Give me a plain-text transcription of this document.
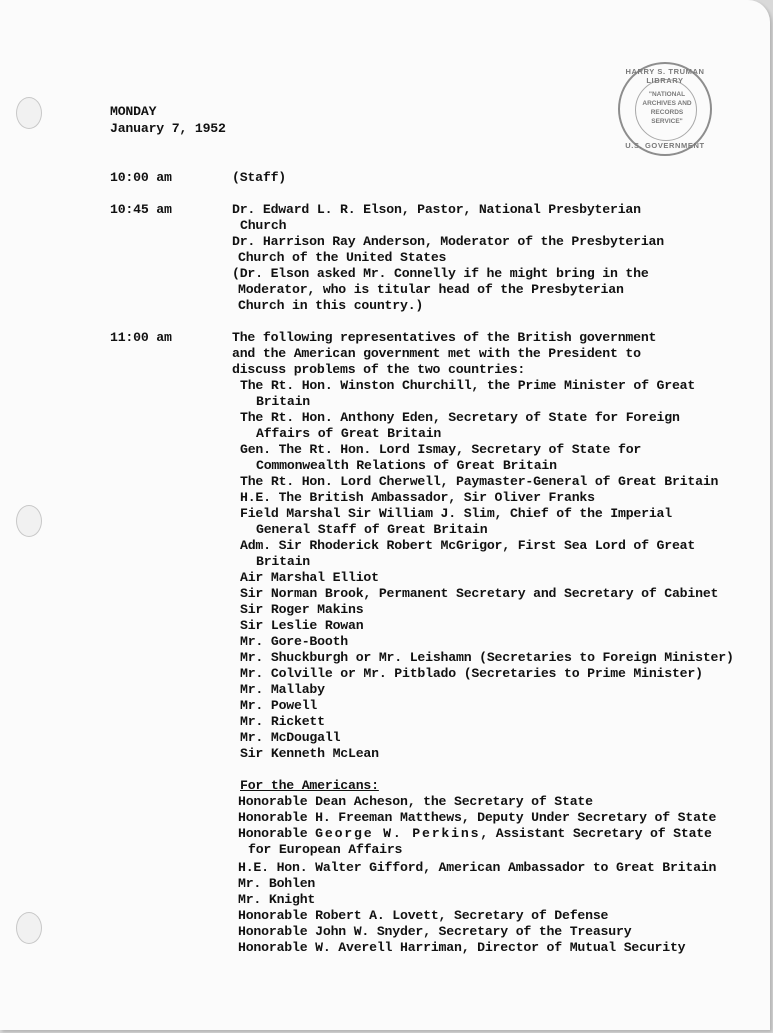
HARRY S. TRUMAN LIBRARY
"NATIONAL
ARCHIVES AND
RECORDS
SERVICE"
U.S. GOVERNMENT
MONDAY
January 7, 1952
10:00 am	(Staff)
10:45 am	Dr. Edward L. R. Elson, Pastor, National Presbyterian
Church
Dr. Harrison Ray Anderson, Moderator of the Presbyterian
Church of the United States
(Dr. Elson asked Mr. Connelly if he might bring in the
Moderator, who is titular head of the Presbyterian
Church in this country.)
11:00 am	The following representatives of the British government
and the American government met with the President to
discuss problems of the two countries:
The Rt. Hon. Winston Churchill, the Prime Minister of Great
Britain
The Rt. Hon. Anthony Eden, Secretary of State for Foreign
Affairs of Great Britain
Gen. The Rt. Hon. Lord Ismay, Secretary of State for
Commonwealth Relations of Great Britain
The Rt. Hon. Lord Cherwell, Paymaster-General of Great Britain
H.E. The British Ambassador, Sir Oliver Franks
Field Marshal Sir William J. Slim, Chief of the Imperial
General Staff of Great Britain
Adm. Sir Rhoderick Robert McGrigor, First Sea Lord of Great
Britain
Air Marshal Elliot
Sir Norman Brook, Permanent Secretary and Secretary of Cabinet
Sir Roger Makins
Sir Leslie Rowan
Mr. Gore-Booth
Mr. Shuckburgh or Mr. Leishamn (Secretaries to Foreign Minister)
Mr. Colville or Mr. Pitblado (Secretaries to Prime Minister)
Mr. Mallaby
Mr. Powell
Mr. Rickett
Mr. McDougall
Sir Kenneth McLean
For the Americans:
Honorable Dean Acheson, the Secretary of State
Honorable H. Freeman Matthews, Deputy Under Secretary of State
Honorable George W. Perkins, Assistant Secretary of State
for European Affairs
H.E. Hon. Walter Gifford, American Ambassador to Great Britain
Mr. Bohlen
Mr. Knight
Honorable Robert A. Lovett, Secretary of Defense
Honorable John W. Snyder, Secretary of the Treasury
Honorable W. Averell Harriman, Director of Mutual Security
